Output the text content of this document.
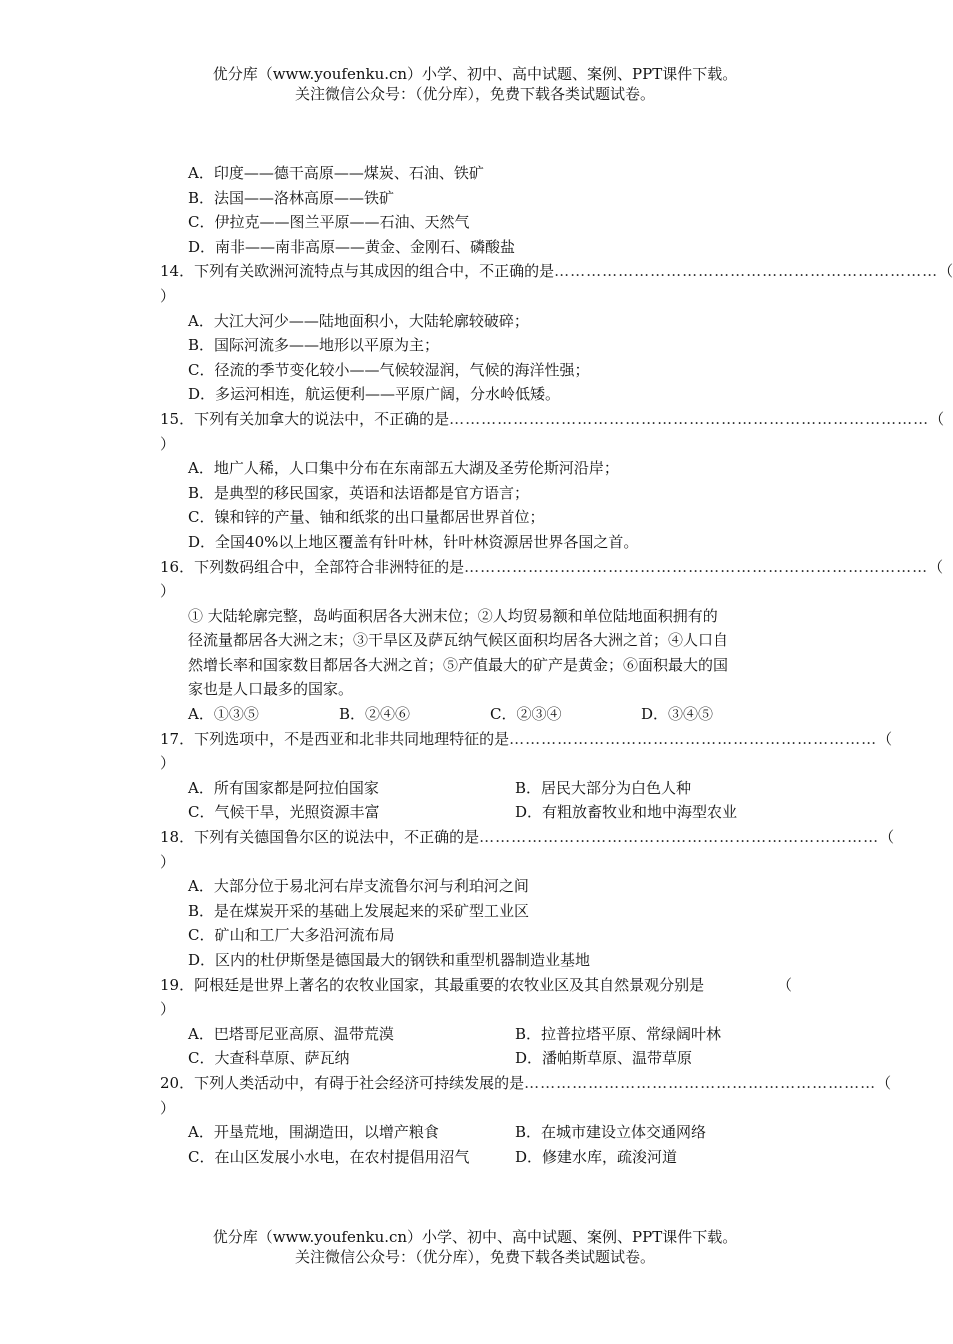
优分库（www.youfenku.cn）小学、初中、高中试题、案例、PPT课件下载。
关注微信公众号：（优分库），免费下载各类试题试卷。
A．印度——德干高原——煤炭、石油、铁矿
B．法国——洛林高原——铁矿
C．伊拉克——图兰平原——石油、天然气
D．南非——南非高原——黄金、金刚石、磷酸盐
14．下列有关欧洲河流特点与其成因的组合中，不正确的是 ……………………………………………………………… （
）
A．大江大河少——陆地面积小，大陆轮廓较破碎；
B．国际河流多——地形以平原为主；
C．径流的季节变化较小——气候较湿润，气候的海洋性强；
D．多运河相连，航运便利——平原广阔，分水岭低矮。
15．下列有关加拿大的说法中，不正确的是 ……………………………………………………………………………… （
）
A．地广人稀，人口集中分布在东南部五大湖及圣劳伦斯河沿岸；
B．是典型的移民国家，英语和法语都是官方语言；
C．镍和锌的产量、铀和纸浆的出口量都居世界首位；
D．全国40%以上地区覆盖有针叶林，针叶林资源居世界各国之首。
16．下列数码组合中，全部符合非洲特征的是 …………………………………………………………………………… （
）
① 大陆轮廓完整，岛屿面积居各大洲末位；②人均贸易额和单位陆地面积拥有的
径流量都居各大洲之末；③干旱区及萨瓦纳气候区面积均居各大洲之首；④人口自
然增长率和国家数目都居各大洲之首；⑤产值最大的矿产是黄金；⑥面积最大的国
家也是人口最多的国家。
A．①③⑤	B．②④⑥	C．②③④	D．③④⑤
17．下列选项中，不是西亚和北非共同地理特征的是 …………………………………………………………… （
）
A．所有国家都是阿拉伯国家	B．居民大部分为白色人种
C．气候干旱，光照资源丰富	D．有粗放畜牧业和地中海型农业
18．下列有关德国鲁尔区的说法中，不正确的是 ………………………………………………………………… （
）
A．大部分位于易北河右岸支流鲁尔河与利珀河之间
B．是在煤炭开采的基础上发展起来的采矿型工业区
C．矿山和工厂大多沿河流布局
D．区内的杜伊斯堡是德国最大的钢铁和重型机器制造业基地
19．阿根廷是世界上著名的农牧业国家，其最重要的农牧业区及其自然景观分别是	（
）
A．巴塔哥尼亚高原、温带荒漠	B．拉普拉塔平原、常绿阔叶林
C．大查科草原、萨瓦纳	D．潘帕斯草原、温带草原
20．下列人类活动中，有碍于社会经济可持续发展的是 ………………………………………………………… （
）
A．开垦荒地，围湖造田，以增产粮食	B．在城市建设立体交通网络
C．在山区发展小水电，在农村提倡用沼气	D．修建水库，疏浚河道
优分库（www.youfenku.cn）小学、初中、高中试题、案例、PPT课件下载。
关注微信公众号：（优分库），免费下载各类试题试卷。
